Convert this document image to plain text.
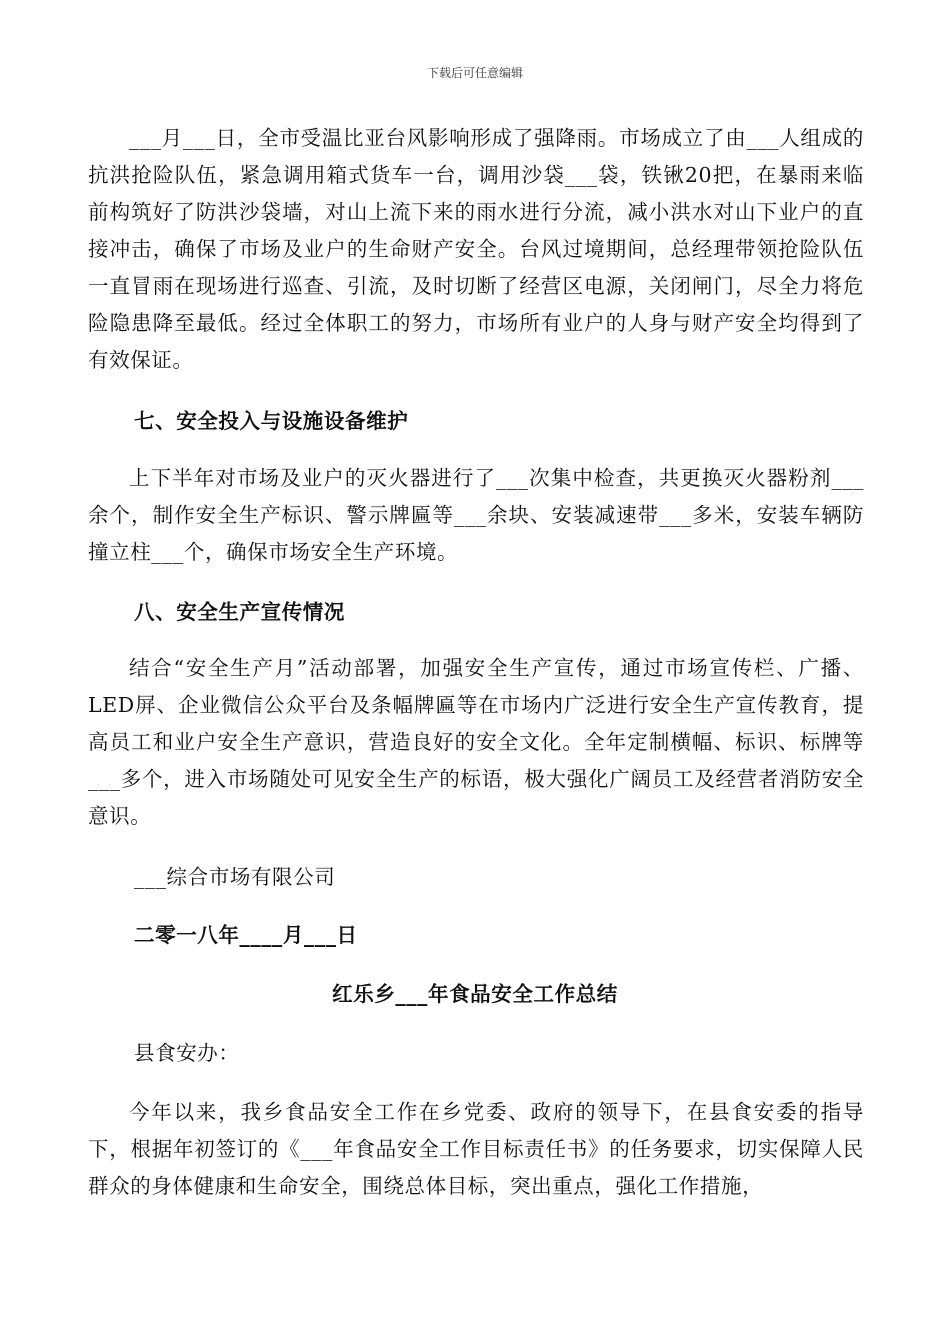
下载后可任意编辑

___月___日，全市受温比亚台风影响形成了强降雨。市场成立了由___人组成的抗洪抢险队伍，紧急调用箱式货车一台，调用沙袋___袋，铁锹20把，在暴雨来临前构筑好了防洪沙袋墙，对山上流下来的雨水进行分流，减小洪水对山下业户的直接冲击，确保了市场及业户的生命财产安全。台风过境期间，总经理带领抢险队伍一直冒雨在现场进行巡查、引流，及时切断了经营区电源，关闭闸门，尽全力将危险隐患降至最低。经过全体职工的努力，市场所有业户的人身与财产安全均得到了有效保证。

七、安全投入与设施设备维护

上下半年对市场及业户的灭火器进行了___次集中检查，共更换灭火器粉剂___余个，制作安全生产标识、警示牌匾等___余块、安装减速带___多米，安装车辆防撞立柱___个，确保市场安全生产环境。

八、安全生产宣传情况

结合“安全生产月”活动部署，加强安全生产宣传，通过市场宣传栏、广播、LED屏、企业微信公众平台及条幅牌匾等在市场内广泛进行安全生产宣传教育，提高员工和业户安全生产意识，营造良好的安全文化。全年定制横幅、标识、标牌等___多个，进入市场随处可见安全生产的标语，极大强化广阔员工及经营者消防安全意识。

___综合市场有限公司
二零一八年____月___日
红乐乡___年食品安全工作总结
县食安办：

今年以来，我乡食品安全工作在乡党委、政府的领导下，在县食安委的指导下，根据年初签订的《___年食品安全工作目标责任书》的任务要求，切实保障人民群众的身体健康和生命安全，围绕总体目标，突出重点，强化工作措施，
